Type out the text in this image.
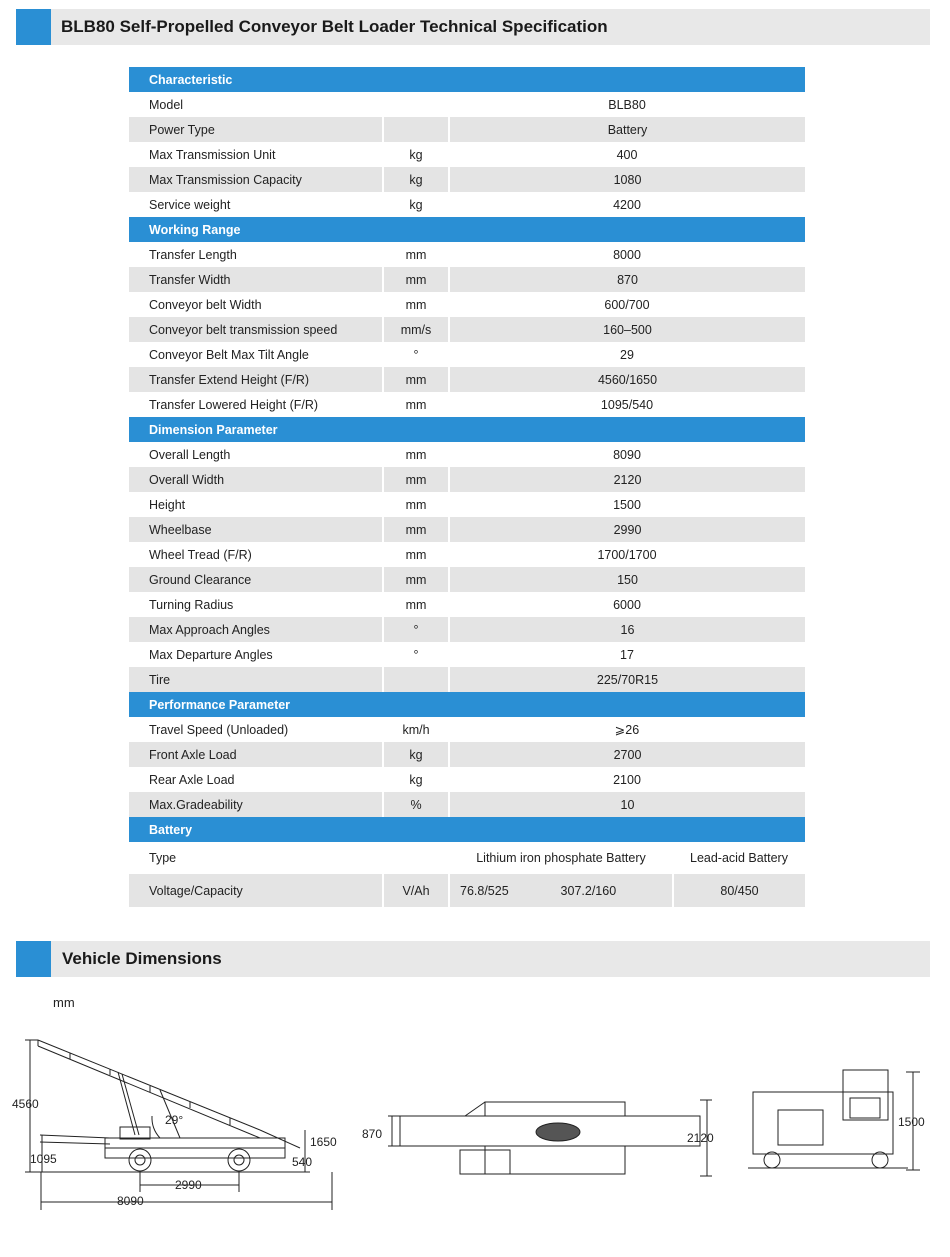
BLB80 Self-Propelled Conveyor Belt Loader Technical Specification
Characteristic			
Model		BLB80	
Power Type		Battery	
Max Transmission Unit	kg	400	
Max Transmission Capacity	kg	1080	
Service weight	kg	4200	
Working Range			
Transfer Length	mm	8000	
Transfer Width	mm	870	
Conveyor belt Width	mm	600/700	
Conveyor belt transmission speed	mm/s	160–500	
Conveyor Belt Max Tilt Angle	°	29	
Transfer Extend Height (F/R)	mm	4560/1650	
Transfer Lowered Height (F/R)	mm	1095/540	
Dimension Parameter			
Overall Length	mm	8090	
Overall Width	mm	2120	
Height	mm	1500	
Wheelbase	mm	2990	
Wheel Tread (F/R)	mm	1700/1700	
Ground Clearance	mm	150	
Turning Radius	mm	6000	
Max Approach Angles	°	16	
Max Departure Angles	°	17	
Tire		225/70R15	
Performance Parameter			
Travel Speed (Unloaded)	km/h	⩾26	
Front Axle Load	kg	2700	
Rear Axle Load	kg	2100	
Max.Gradeability	%	10	
Battery			
Type		Lithium iron phosphate Battery	Lead-acid Battery
Voltage/Capacity	V/Ah	76.8/525 307.2/160	80/450
Vehicle Dimensions
mm
4560
1095
29°
1650
540
2990
8090
870	2120
1500
